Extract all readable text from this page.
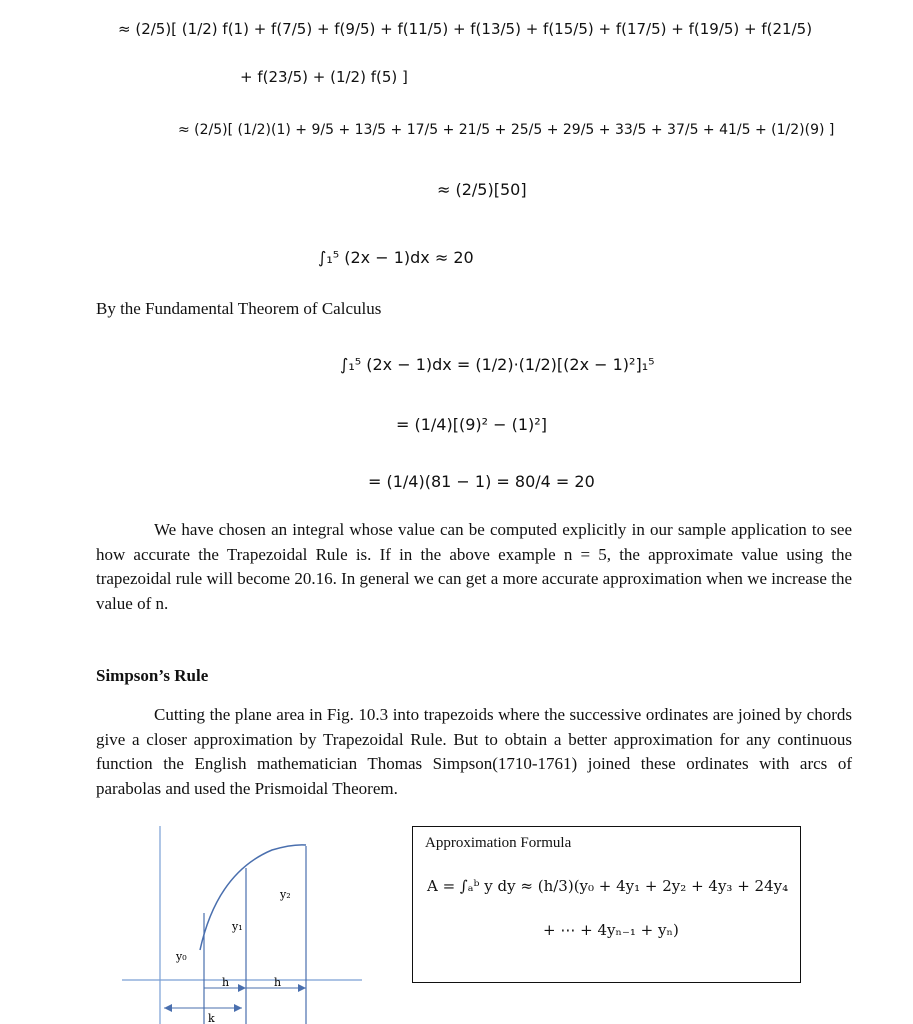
≈ (2/5)[ (1/2) f(1) + f(7/5) + f(9/5) + f(11/5) + f(13/5) + f(15/5) + f(17/5) + f(19/5) + f(21/5)
+ f(23/5) + (1/2) f(5) ]
≈ (2/5)[ (1/2)(1) + 9/5 + 13/5 + 17/5 + 21/5 + 25/5 + 29/5 + 33/5 + 37/5 + 41/5 + (1/2)(9) ]
≈ (2/5)[50]
∫₁⁵ (2x − 1)dx ≈ 20
By the Fundamental Theorem of Calculus
∫₁⁵ (2x − 1)dx = (1/2)·(1/2)[(2x − 1)²]₁⁵
= (1/4)[(9)² − (1)²]
= (1/4)(81 − 1) = 80/4 = 20

We have chosen an integral whose value can be computed explicitly in our sample application to see how accurate the Trapezoidal Rule is. If in the above example n = 5, the approximate value using the trapezoidal rule will become 20.16. In general we can get a more accurate approximation when we increase the value of n.

Simpson’s Rule

Cutting the plane area in Fig. 10.3 into trapezoids where the successive ordinates are joined by chords give a closer approximation by Trapezoidal Rule. But to obtain a better approximation for any continuous function the English mathematician Thomas Simpson(1710-1761) joined these ordinates with arcs of parabolas and used the Prismoidal Theorem.

y₀
y₁
y₂
h	h
k
Approximation Formula
A = ∫ₐᵇ y dy ≈ (h/3)(y₀ + 4y₁ + 2y₂ + 4y₃ + 24y₄
+ ⋯ + 4yₙ₋₁ + yₙ)
